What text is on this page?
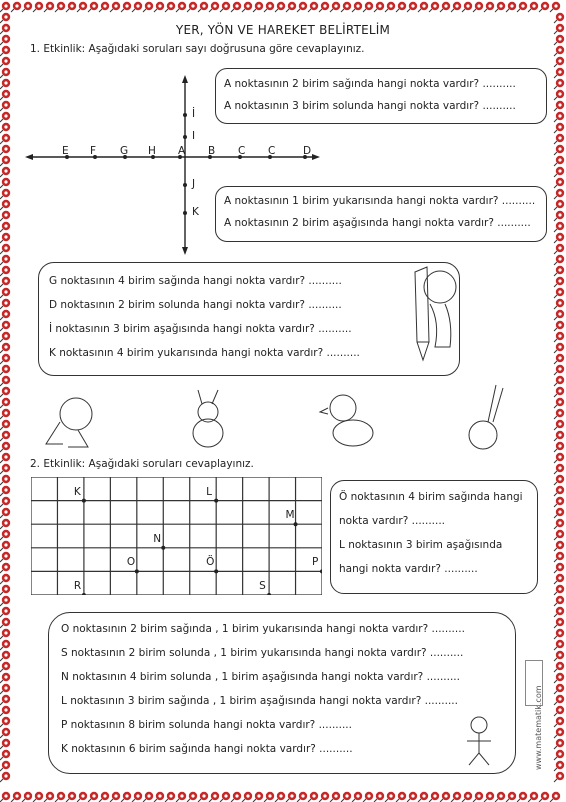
YER, YÖN VE HAREKET BELİRTELİM
1. Etkinlik: Aşağıdaki soruları sayı doğrusuna göre cevaplayınız.
E F G H A B C C	D
İ
I
J
K
A noktasının 2 birim sağında hangi nokta vardır? ..........
A noktasının 3 birim solunda hangi nokta vardır? ..........
A noktasının 1 birim yukarısında hangi nokta vardır? ..........
A noktasının 2 birim aşağısında hangi nokta vardır? ..........
G noktasının 4 birim sağında hangi nokta vardır? ..........
D noktasının 2 birim solunda hangi nokta vardır? ..........
İ noktasının 3 birim aşağısında hangi nokta vardır? ..........
K noktasının 4 birim yukarısında hangi nokta vardır? ..........
2. Etkinlik: Aşağıdaki soruları cevaplayınız.
K	L
M
N
O	Ö	P
R	S
Ö noktasının 4 birim sağında hangi
nokta vardır? ..........
L noktasının 3 birim aşağısında
hangi nokta vardır? ..........
O noktasının 2 birim sağında , 1 birim yukarısında hangi nokta vardır? ..........
S noktasının 2 birim solunda , 1 birim yukarısında hangi nokta vardır? ..........
N noktasının 4 birim solunda , 1 birim aşağısında hangi nokta vardır? ..........
L noktasının 3 birim sağında , 1 birim aşağısında hangi nokta vardır? ..........
P noktasının 8 birim solunda hangi nokta vardır? ..........
K noktasının 6 birim sağında hangi nokta vardır? ..........	www.matematik.com
